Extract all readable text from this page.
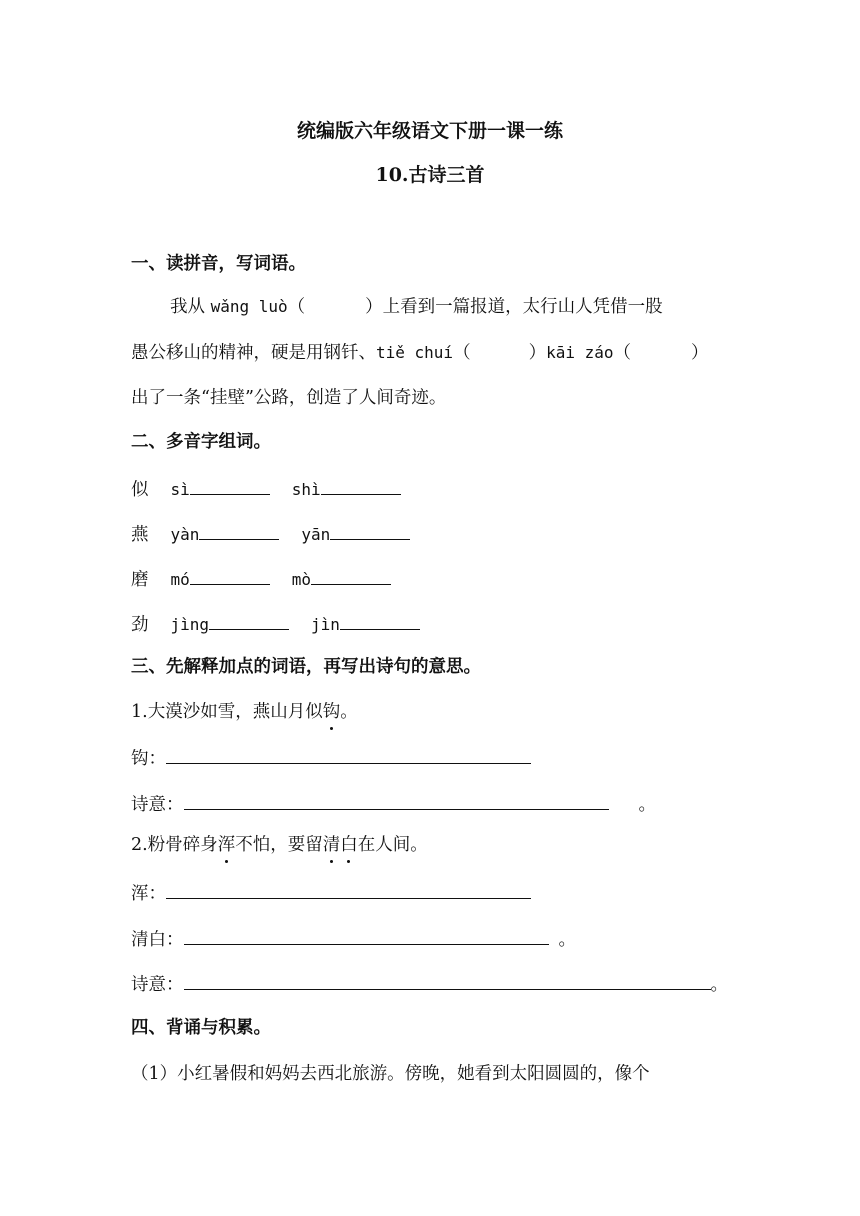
统编版六年级语文下册一课一练
10.古诗三首
一、读拼音，写词语。
我从 wǎng luò（	）上看到一篇报道，太行山人凭借一股
愚公移山的精神，硬是用钢钎、tiě chuí（	）kāi záo（	）
出了一条“挂壁”公路，创造了人间奇迹。
二、多音字组词。
似 sì	shì
燕 yàn	yān
磨 mó	mò
劲 jìng	jìn
三、先解释加点的词语，再写出诗句的意思。
1.大漠沙如雪，燕山月似钩。
钩：
诗意：	。
2.粉骨碎身浑不怕，要留清白在人间。
浑：
清白：	。
诗意：	。
四、背诵与积累。
（1）小红暑假和妈妈去西北旅游。傍晚，她看到太阳圆圆的，像个
